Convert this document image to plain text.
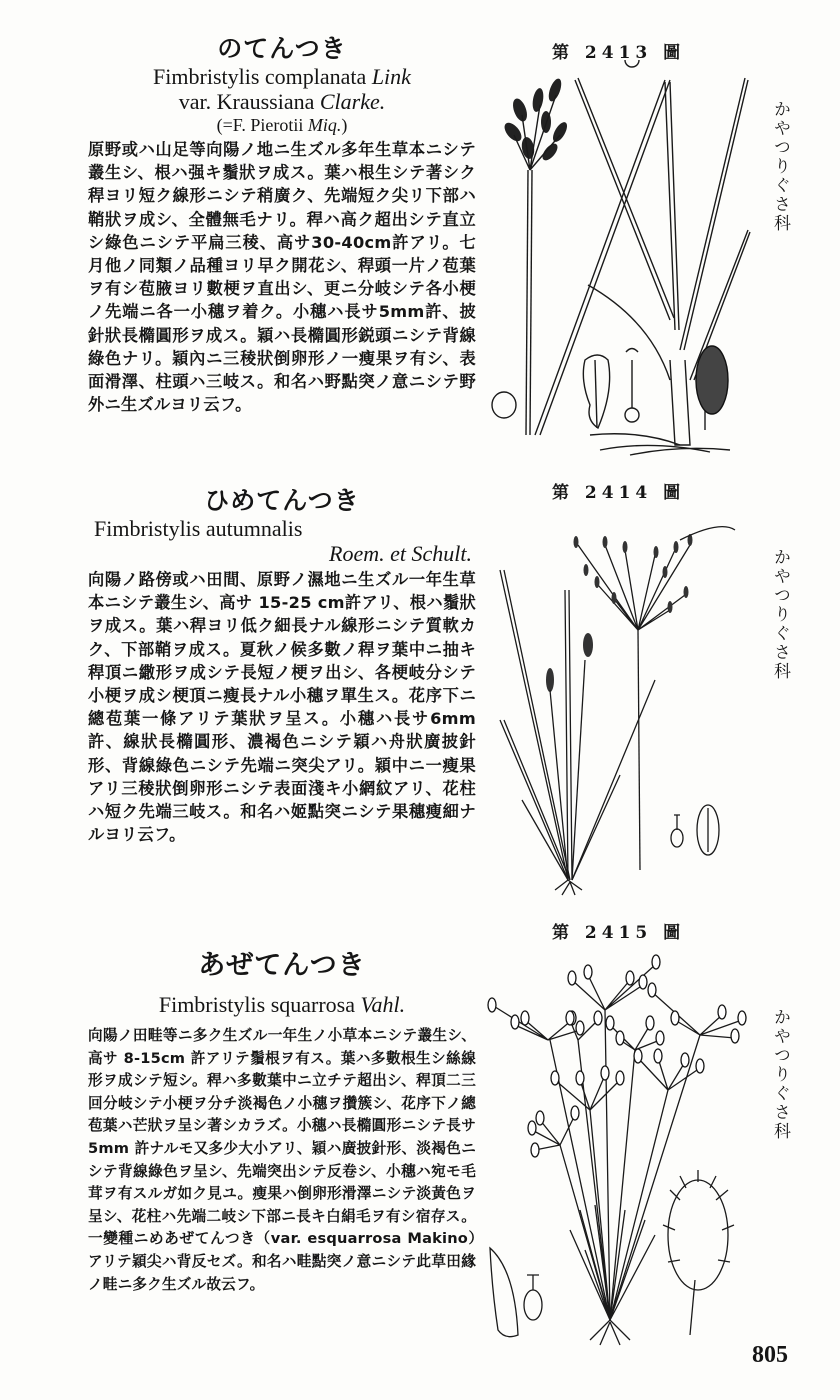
のてんつき
Fimbristylis complanata Link
var. Kraussiana Clarke.
(=F. Pierotii Miq.)
原野或ハ山足等向陽ノ地ニ生ズル多年生草本ニシテ叢生シ、根ハ强キ鬚狀ヲ成ス。葉ハ根生シテ著シク稈ヨリ短ク線形ニシテ稍廣ク、先端短ク尖リ下部ハ鞘狀ヲ成シ、全體無毛ナリ。稈ハ高ク超出シテ直立シ綠色ニシテ平扁三稜、高サ30-40cm許アリ。七月他ノ同類ノ品種ヨリ早ク開花シ、稈頭一片ノ苞葉ヲ有シ苞腋ヨリ數梗ヲ直出シ、更ニ分岐シテ各小梗ノ先端ニ各一小穗ヲ着ク。小穗ハ長サ5mm許、披針狀長橢圓形ヲ成ス。穎ハ長橢圓形鋭頭ニシテ背線綠色ナリ。穎內ニ三稜狀倒卵形ノ一瘦果ヲ有シ、表面滑澤、柱頭ハ三岐ス。和名ハ野點突ノ意ニシテ野外ニ生ズルヨリ云フ。
ひめてんつき
Fimbristylis autumnalis
Roem. et Schult.
向陽ノ路傍或ハ田間、原野ノ濕地ニ生ズル一年生草本ニシテ叢生シ、高サ 15-25 cm許アリ、根ハ鬚狀ヲ成ス。葉ハ稈ヨリ低ク細長ナル線形ニシテ質軟カク、下部鞘ヲ成ス。夏秋ノ候多數ノ稈ヲ葉中ニ抽キ稈頂ニ繖形ヲ成シテ長短ノ梗ヲ出シ、各梗岐分シテ小梗ヲ成シ梗頂ニ瘦長ナル小穗ヲ單生ス。花序下ニ總苞葉一條アリテ葉狀ヲ呈ス。小穗ハ長サ6mm許、線狀長橢圓形、濃褐色ニシテ穎ハ舟狀廣披針形、背線綠色ニシテ先端ニ突尖アリ。穎中ニ一瘦果アリ三稜狀倒卵形ニシテ表面淺キ小網紋アリ、花柱ハ短ク先端三岐ス。和名ハ姬點突ニシテ果穗瘦細ナルヨリ云フ。
あぜてんつき
Fimbristylis squarrosa Vahl.
向陽ノ田畦等ニ多ク生ズル一年生ノ小草本ニシテ叢生シ、高サ 8-15cm 許アリテ鬚根ヲ有ス。葉ハ多數根生シ絲線形ヲ成シテ短シ。稈ハ多數葉中ニ立チテ超出シ、稈頂二三回分岐シテ小梗ヲ分チ淡褐色ノ小穗ヲ攢簇シ、花序下ノ總苞葉ハ芒狀ヲ呈シ著シカラズ。小穗ハ長橢圓形ニシテ長サ 5mm 許ナルモ又多少大小アリ、穎ハ廣披針形、淡褐色ニシテ背線綠色ヲ呈シ、先端突出シテ反卷シ、小穗ハ宛モ毛茸ヲ有スルガ如ク見ユ。瘦果ハ倒卵形滑澤ニシテ淡黃色ヲ呈シ、花柱ハ先端二岐シ下部ニ長キ白絹毛ヲ有シ宿存ス。一變種ニめあぜてんつき（var. esquarrosa Makino）アリテ穎尖ハ背反セズ。和名ハ畦點突ノ意ニシテ此草田緣ノ畦ニ多ク生ズル故云フ。
第 2413 圖
第 2414 圖
第 2415 圖
かやつりぐさ科
かやつりぐさ科
かやつりぐさ科
805
